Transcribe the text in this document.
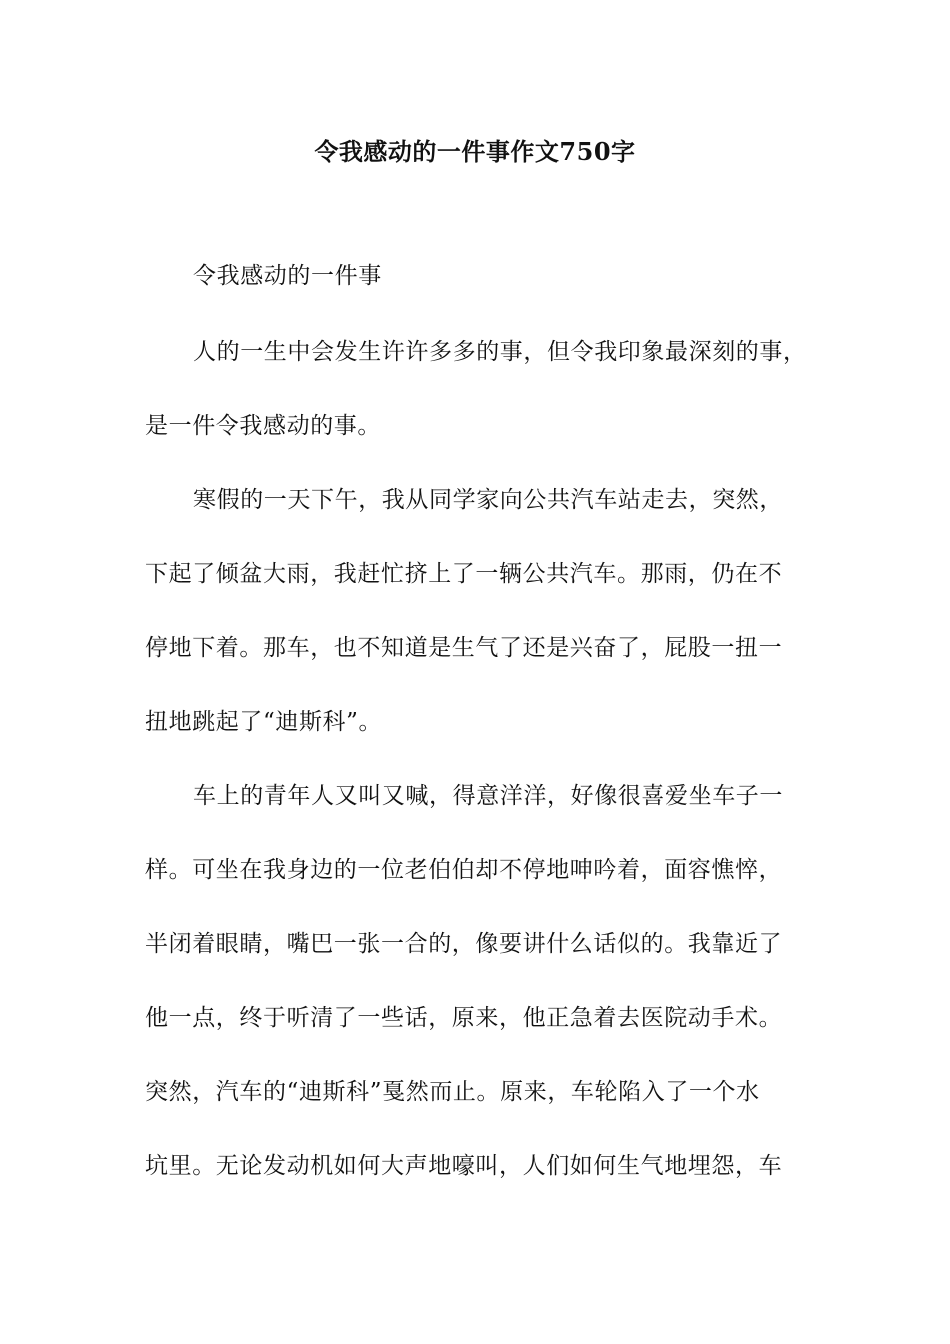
令我感动的一件事作文750字
令我感动的一件事
人的一生中会发生许许多多的事，但令我印象最深刻的事，
是一件令我感动的事。
寒假的一天下午，我从同学家向公共汽车站走去，突然，
下起了倾盆大雨，我赶忙挤上了一辆公共汽车。那雨，仍在不
停地下着。那车，也不知道是生气了还是兴奋了，屁股一扭一
扭地跳起了“迪斯科”。
车上的青年人又叫又喊，得意洋洋，好像很喜爱坐车子一
样。可坐在我身边的一位老伯伯却不停地呻吟着，面容憔悴，
半闭着眼睛，嘴巴一张一合的，像要讲什么话似的。我靠近了
他一点，终于听清了一些话，原来，他正急着去医院动手术。
突然，汽车的“迪斯科”戛然而止。原来，车轮陷入了一个水
坑里。无论发动机如何大声地嚎叫，人们如何生气地埋怨，车
